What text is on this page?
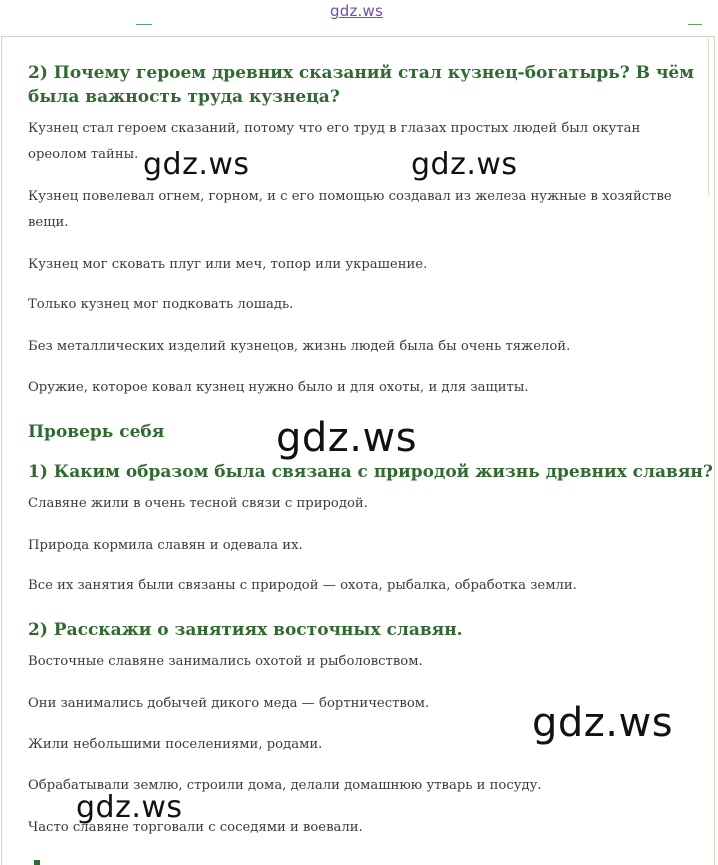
gdz.ws

2) Почему героем древних сказаний стал кузнец-богатырь? В чём

была важность труда кузнеца?

Кузнец стал героем сказаний, потому что его труд в глазах простых людей был окутан

ореолом тайны.

Кузнец повелевал огнем, горном, и с его помощью создавал из железа нужные в хозяйстве

вещи.

Кузнец мог сковать плуг или меч, топор или украшение.

Только кузнец мог подковать лошадь.

Без металлических изделий кузнецов, жизнь людей была бы очень тяжелой.

Оружие, которое ковал кузнец нужно было и для охоты, и для защиты.

Проверь себя

1) Каким образом была связана с природой жизнь древних славян?

Славяне жили в очень тесной связи с природой.

Природа кормила славян и одевала их.

Все их занятия были связаны с природой — охота, рыбалка, обработка земли.

2) Расскажи о занятиях восточных славян.

Восточные славяне занимались охотой и рыболовством.

Они занимались добычей дикого меда — бортничеством.

Жили небольшими поселениями, родами.

Обрабатывали землю, строили дома, делали домашнюю утварь и посуду.

Часто славяне торговали с соседями и воевали.

gdz.ws	gdz.ws
gdz.ws
gdz.ws
gdz.ws
